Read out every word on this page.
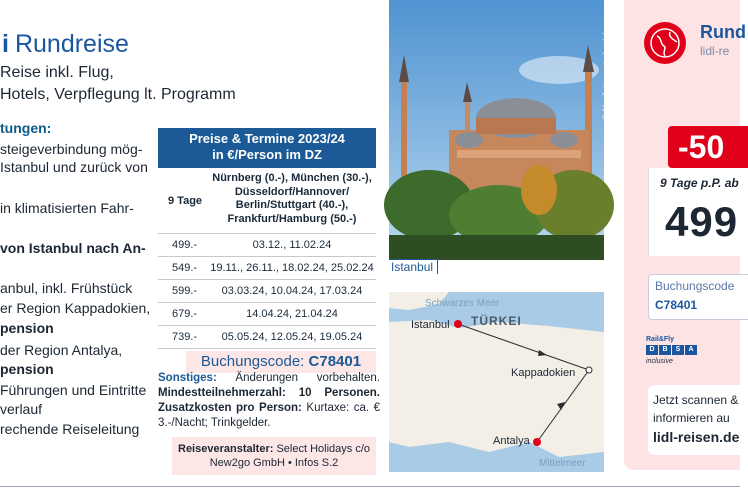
i Rundreise
Reise inkl. Flug,
Hotels, Verpflegung lt. Programm
tungen:
steigeverbindung mög-
Istanbul und zurück von
in klimatisierten Fahr-
von Istanbul nach An-
anbul, inkl. Frühstück
er Region Kappadokien,
pension
der Region Antalya,
pension
Führungen und Eintritte
verlauf
rechende Reiseleitung
Preise & Termine 2023/24
in €/Person im DZ
9 Tage
Nürnberg (0.-), München (30.-),
Düsseldorf/Hannover/
Berlin/Stuttgart (40.-),
Frankfurt/Hamburg (50.-)
499.-	03.12., 11.02.24
549.-	19.11., 26.11., 18.02.24, 25.02.24
599.-	03.03.24, 10.04.24, 17.03.24
679.-	14.04.24, 21.04.24
739.-	05.05.24, 12.05.24, 19.05.24
Buchungscode: C78401
Sonstiges: Änderungen vorbehalten. Mindestteilnehmerzahl: 10 Personen. Zusatzkosten pro Person: Kurtaxe: ca. € 3.-/Nacht; Trinkgelder.
Reiseveranstalter: Select Holidays c/o New2go GmbH • Infos S.2
© AlexAnton - stock.adobe.com
Istanbul
Schwarzes Meer
TÜRKEI
Mittelmeer
Istanbul
Kappadokien
Antalya
Rund
lidl-re
-50
9 Tage p.P. ab
499
Buchungscode
C78401
Rail&Fly
D	B	S	A
inclusive
Jetzt scannen &
informieren au
lidl-reisen.de
